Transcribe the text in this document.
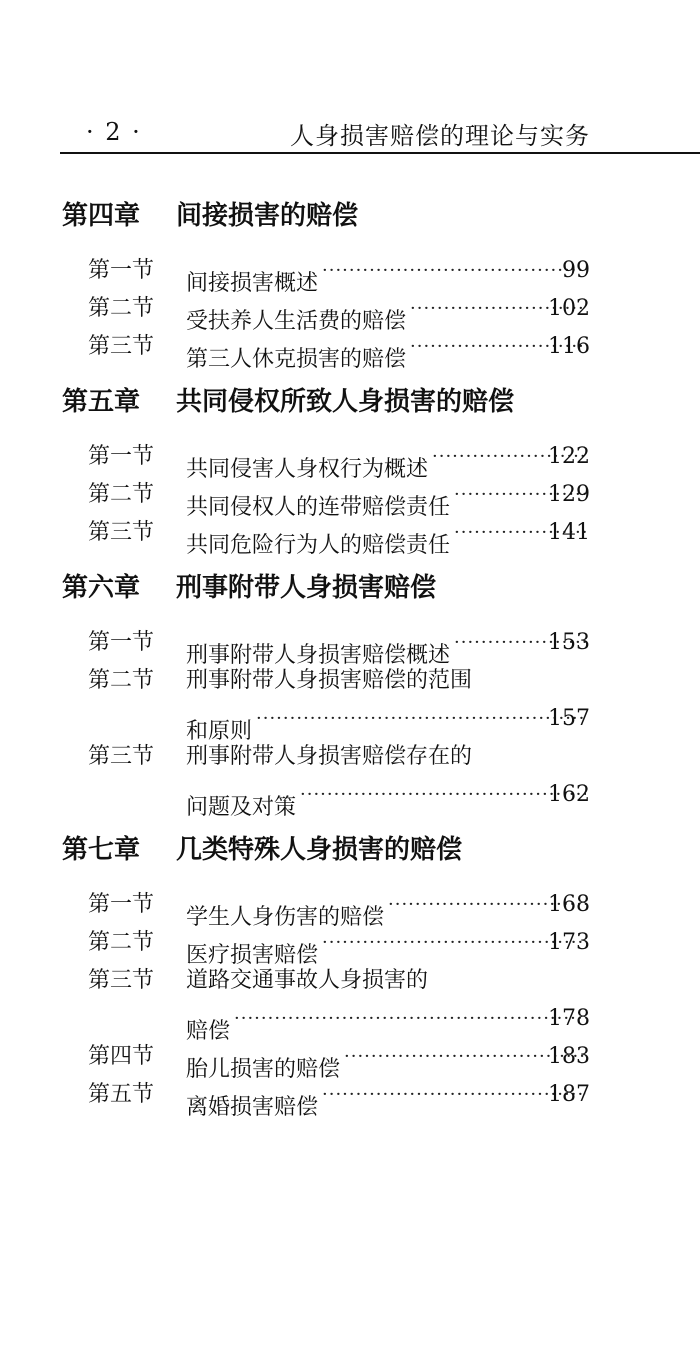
· 2 ·	人身损害赔偿的理论与实务
第四章 间接损害的赔偿
第一节
间接损害概述
·····
99
第二节
受扶养人生活费的赔偿
·····
102
第三节
第三人休克损害的赔偿
·····
116
第五章 共同侵权所致人身损害的赔偿
第一节
共同侵害人身权行为概述
·····
122
第二节
共同侵权人的连带赔偿责任
·····
129
第三节
共同危险行为人的赔偿责任
·····
141
第六章 刑事附带人身损害赔偿
第一节
刑事附带人身损害赔偿概述
·····
153
第二节 刑事附带人身损害赔偿的范围
和原则
·····
157
第三节 刑事附带人身损害赔偿存在的
问题及对策
·····
162
第七章 几类特殊人身损害的赔偿
第一节
学生人身伤害的赔偿
·····
168
第二节
医疗损害赔偿
·····
173
第三节 道路交通事故人身损害的
赔偿
·····
178
第四节
胎儿损害的赔偿
·····
183
第五节
离婚损害赔偿
·····
187
